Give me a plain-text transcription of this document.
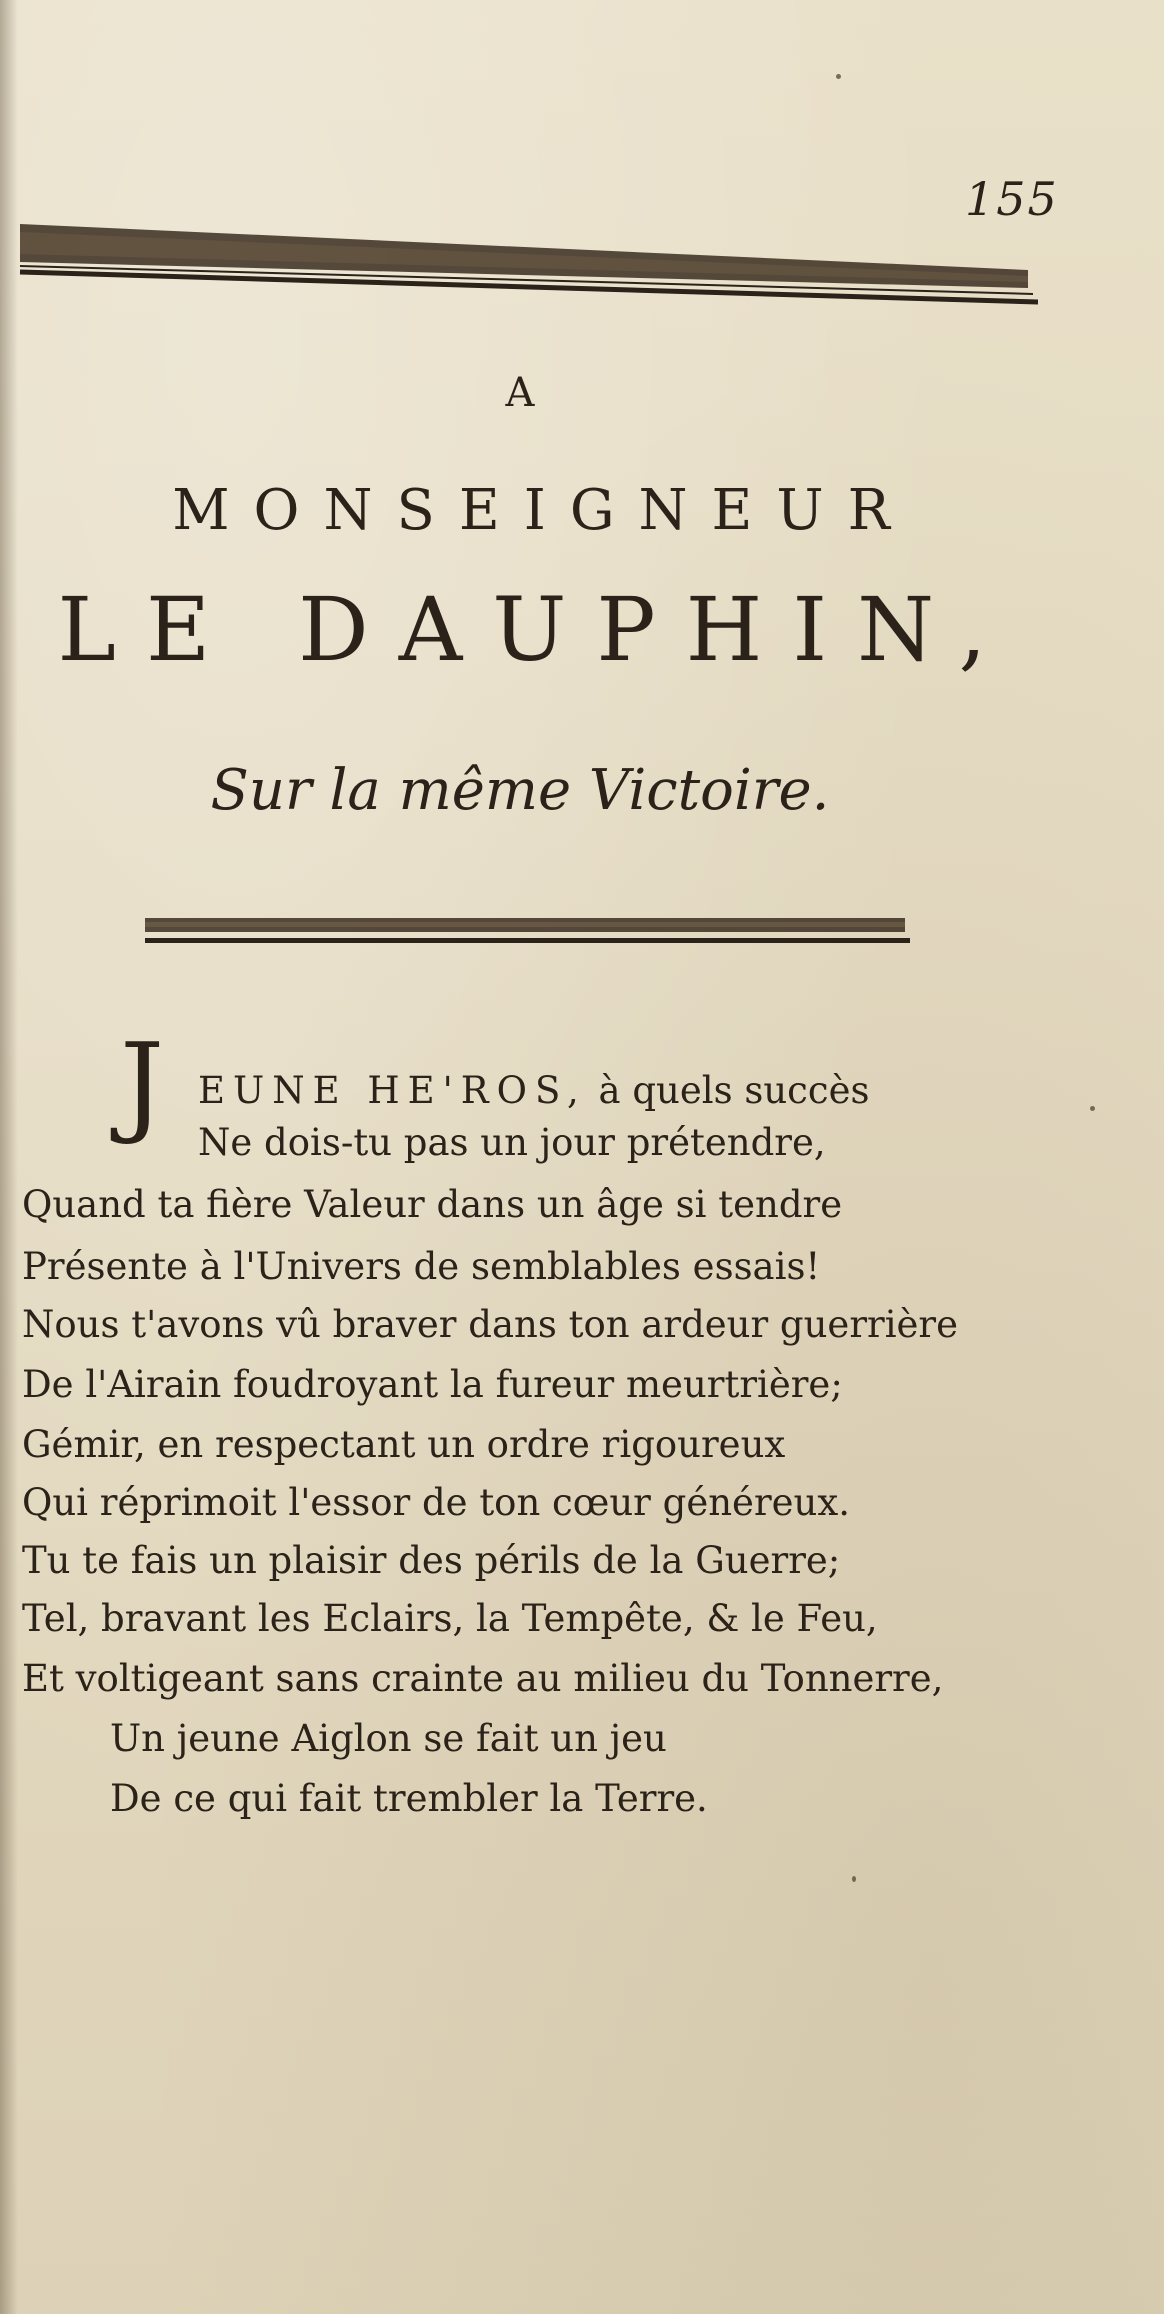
155
A
MONSEIGNEUR
LE DAUPHIN,
Sur la même Victoire.
J EUNE HE'ROS, à quels succès
Ne dois-tu pas un jour prétendre,
Quand ta fière Valeur dans un âge si tendre
Présente à l'Univers de semblables essais!
Nous t'avons vû braver dans ton ardeur guerrière
De l'Airain foudroyant la fureur meurtrière;
Gémir, en respectant un ordre rigoureux
Qui réprimoit l'essor de ton cœur généreux.
Tu te fais un plaisir des périls de la Guerre;
Tel, bravant les Eclairs, la Tempête, & le Feu,
Et voltigeant sans crainte au milieu du Tonnerre,
Un jeune Aiglon se fait un jeu
De ce qui fait trembler la Terre.
